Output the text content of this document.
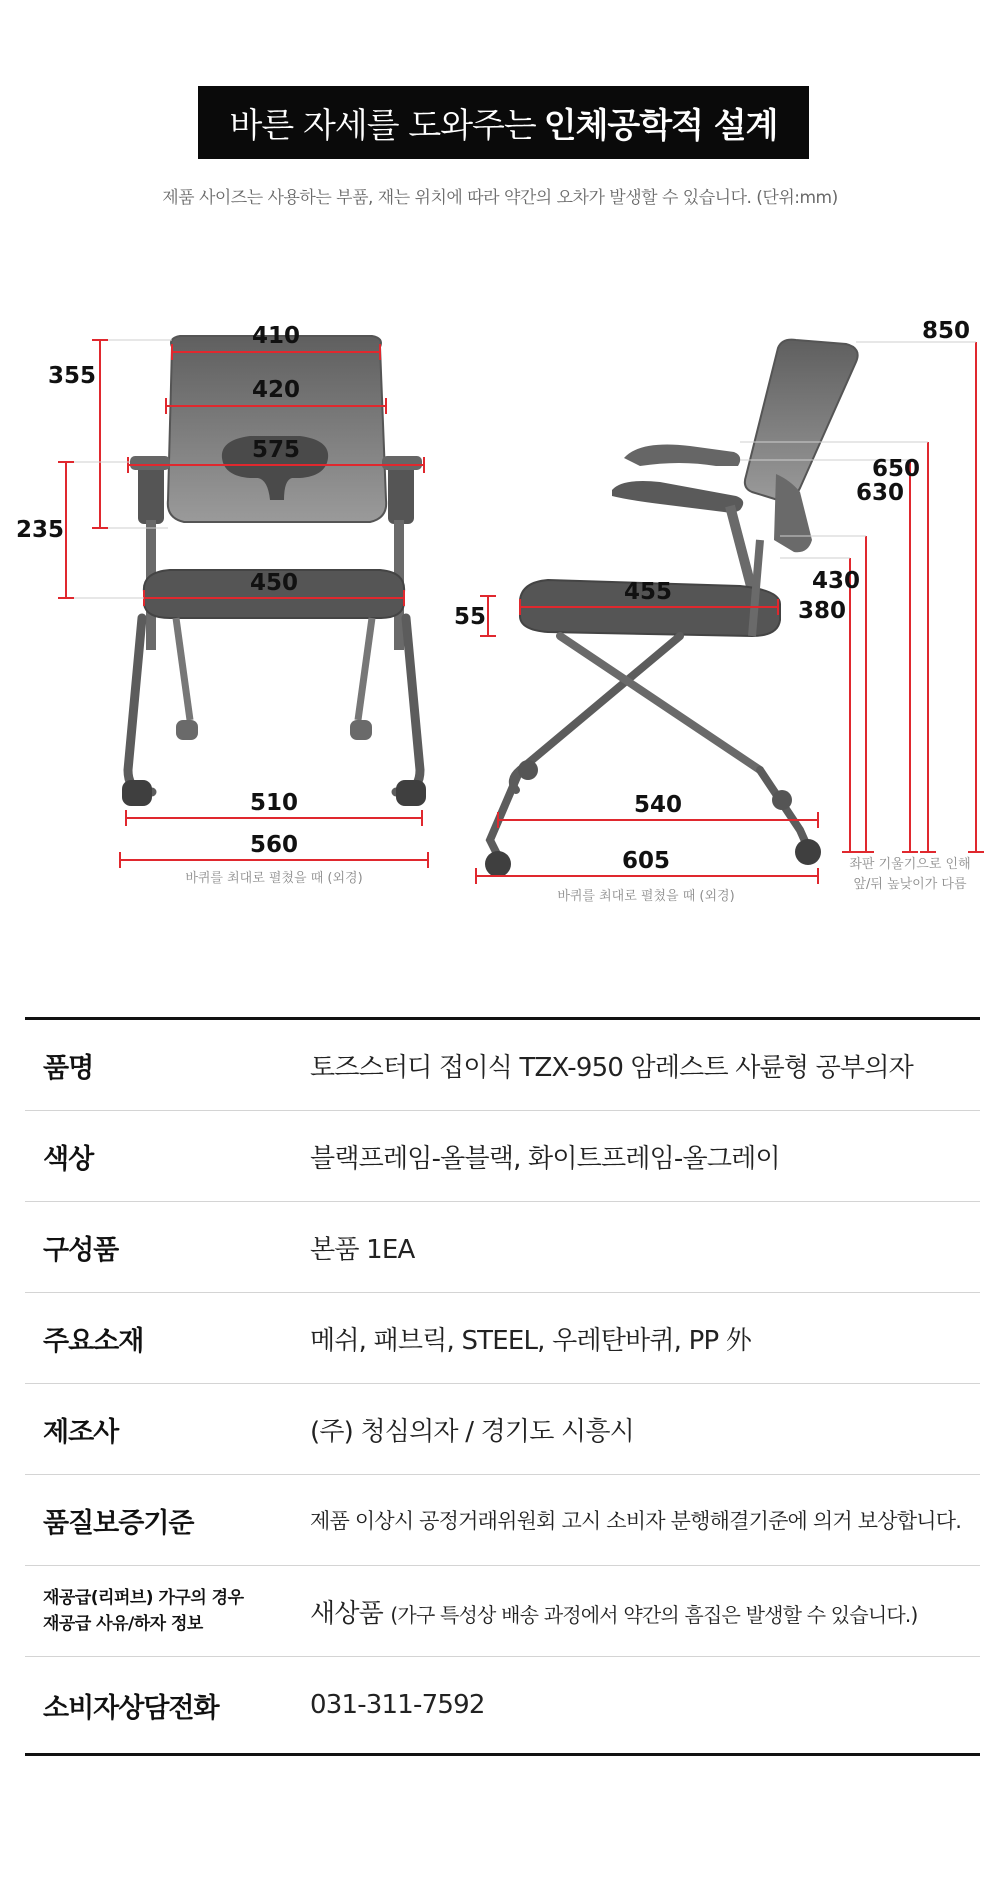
바른 자세를 도와주는 인체공학적 설계
제품 사이즈는 사용하는 부품, 재는 위치에 따라 약간의 오차가 발생할 수 있습니다. (단위:mm)
410
420
575
450
510
560
바퀴를 최대로 펼쳤을 때 (외경)
355
235
455
55
540
605
바퀴를 최대로 펼쳤을 때 (외경)
850
650
630
430
380
좌판 기울기으로 인해
앞/뒤 높낮이가 다름
품명	토즈스터디 접이식 TZX-950 암레스트 사륜형 공부의자
색상	블랙프레임-올블랙, 화이트프레임-올그레이
구성품	본품 1EA
주요소재	메쉬, 패브릭, STEEL, 우레탄바퀴, PP 外
제조사	(주) 청심의자 / 경기도 시흥시
품질보증기준	제품 이상시 공정거래위원회 고시 소비자 분행해결기준에 의거 보상합니다.
재공급(리퍼브) 가구의 경우
재공급 사유/하자 정보	새상품 (가구 특성상 배송 과정에서 약간의 흠집은 발생할 수 있습니다.)
소비자상담전화	031-311-7592
